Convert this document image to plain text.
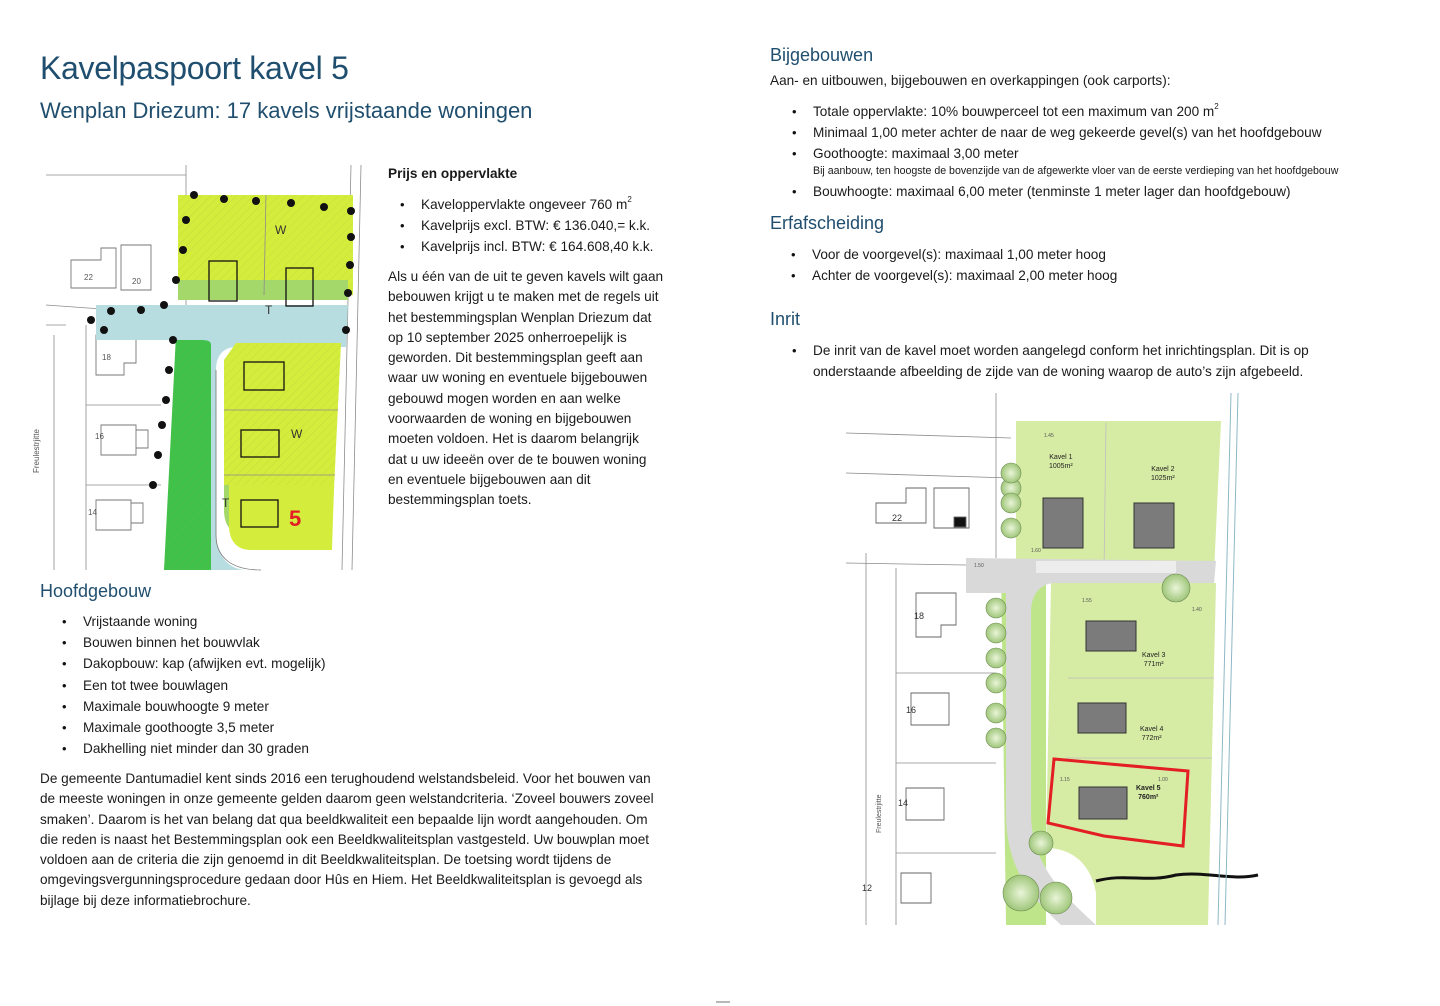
Kavelpaspoort kavel 5
Wenplan Driezum: 17 kavels vrijstaande woningen
W
T
W
T
5
22	20
18
16
14
Freulestrjitte
Prijs en oppervlakte
• Kaveloppervlakte ongeveer 760 $m^2$
• Kavelprijs excl. BTW: € 136.040,= k.k.
• Kavelprijs incl. BTW: € 164.608,40 k.k.
Als u één van de uit te geven kavels wilt gaan
bebouwen krijgt u te maken met de regels uit
het bestemmingsplan Wenplan Driezum dat
op 10 september 2025 onherroepelijk is
geworden. Dit bestemmingsplan geeft aan
waar uw woning en eventuele bijgebouwen
gebouwd mogen worden en aan welke
voorwaarden de woning en bijgebouwen
moeten voldoen. Het is daarom belangrijk
dat u uw ideeën over de te bouwen woning
en eventuele bijgebouwen aan dit
bestemmingsplan toets.
Hoofdgebouw
• Vrijstaande woning
• Bouwen binnen het bouwvlak
• Dakopbouw: kap (afwijken evt. mogelijk)
• Een tot twee bouwlagen
• Maximale bouwhoogte 9 meter
• Maximale goothoogte 3,5 meter
• Dakhelling niet minder dan 30 graden
De gemeente Dantumadiel kent sinds 2016 een terughoudend welstandsbeleid. Voor het bouwen van
de meeste woningen in onze gemeente gelden daarom geen welstandcriteria. ‘Zoveel bouwers zoveel
smaken’. Daarom is het van belang dat qua beeldkwaliteit een bepaalde lijn wordt aangehouden. Om
die reden is naast het Bestemmingsplan ook een Beeldkwaliteitsplan vastgesteld. Uw bouwplan moet
voldoen aan de criteria die zijn genoemd in dit Beeldkwaliteitsplan. De toetsing wordt tijdens de
omgevingsvergunningsprocedure gedaan door Hûs en Hiem. Het Beeldkwaliteitsplan is gevoegd als
bijlage bij deze informatiebrochure.
Bijgebouwen
Aan- en uitbouwen, bijgebouwen en overkappingen (ook carports):
• Totale oppervlakte: 10% bouwperceel tot een maximum van 200 $m^2$
• Minimaal 1,00 meter achter de naar de weg gekeerde gevel(s) van het hoofdgebouw
• Goothoogte: maximaal 3,00 meter
Bij aanbouw, ten hoogste de bovenzijde van de afgewerkte vloer van de eerste verdieping van het hoofdgebouw
• Bouwhoogte: maximaal 6,00 meter (tenminste 1 meter lager dan hoofdgebouw)
Erfafscheiding
• Voor de voorgevel(s): maximaal 1,00 meter hoog
• Achter de voorgevel(s): maximaal 2,00 meter hoog
Inrit
• De inrit van de kavel moet worden aangelegd conform het inrichtingsplan. Dit is op
onderstaande afbeelding de zijde van de woning waarop de auto’s zijn afgebeeld.
Kavel 1
1005m²	Kavel 2
1025m²
Kavel 3
771m²
Kavel 4
772m²
Kavel 5
760m²
22
18
16
14
12
Freulestrjitte
1.45
1.60
1.50
1.55
1.40
1.15	1.00
